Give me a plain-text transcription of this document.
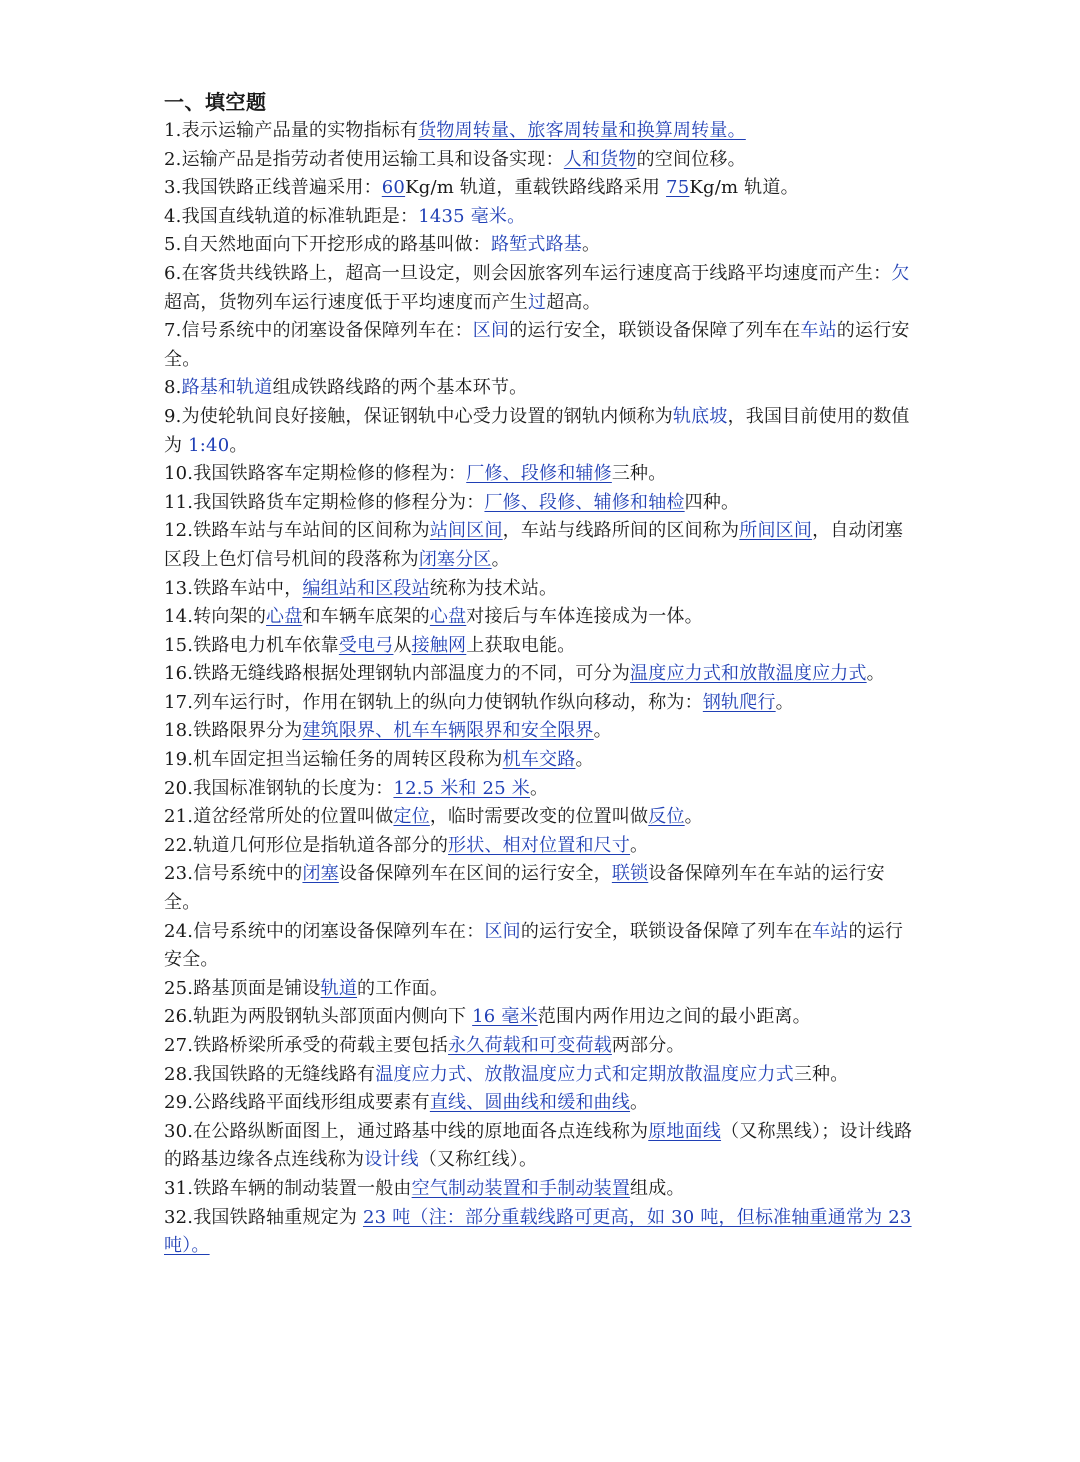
一、填空题

1.表示运输产品量的实物指标有货物周转量、旅客周转量和换算周转量。

2.运输产品是指劳动者使用运输工具和设备实现：人和货物的空间位移。

3.我国铁路正线普遍采用：60Kg/m 轨道，重载铁路线路采用 75Kg/m 轨道。

4.我国直线轨道的标准轨距是：1435 毫米。

5.自天然地面向下开挖形成的路基叫做：路堑式路基。

6.在客货共线铁路上，超高一旦设定，则会因旅客列车运行速度高于线路平均速度而产生：欠超高，货物列车运行速度低于平均速度而产生过超高。

7.信号系统中的闭塞设备保障列车在：区间的运行安全，联锁设备保障了列车在车站的运行安全。

8.路基和轨道组成铁路线路的两个基本环节。

9.为使轮轨间良好接触，保证钢轨中心受力设置的钢轨内倾称为轨底坡，我国目前使用的数值为 1:40。

10.我国铁路客车定期检修的修程为：厂修、段修和辅修三种。

11.我国铁路货车定期检修的修程分为：厂修、段修、辅修和轴检四种。

12.铁路车站与车站间的区间称为站间区间，车站与线路所间的区间称为所间区间，自动闭塞区段上色灯信号机间的段落称为闭塞分区。

13.铁路车站中，编组站和区段站统称为技术站。

14.转向架的心盘和车辆车底架的心盘对接后与车体连接成为一体。

15.铁路电力机车依靠受电弓从接触网上获取电能。

16.铁路无缝线路根据处理钢轨内部温度力的不同，可分为温度应力式和放散温度应力式。

17.列车运行时，作用在钢轨上的纵向力使钢轨作纵向移动，称为：钢轨爬行。

18.铁路限界分为建筑限界、机车车辆限界和安全限界。

19.机车固定担当运输任务的周转区段称为机车交路。

20.我国标准钢轨的长度为：12.5 米和 25 米。

21.道岔经常所处的位置叫做定位，临时需要改变的位置叫做反位。

22.轨道几何形位是指轨道各部分的形状、相对位置和尺寸。

23.信号系统中的闭塞设备保障列车在区间的运行安全，联锁设备保障列车在车站的运行安全。

24.信号系统中的闭塞设备保障列车在：区间的运行安全，联锁设备保障了列车在车站的运行安全。

25.路基顶面是铺设轨道的工作面。

26.轨距为两股钢轨头部顶面内侧向下 16 毫米范围内两作用边之间的最小距离。

27.铁路桥梁所承受的荷载主要包括永久荷载和可变荷载两部分。

28.我国铁路的无缝线路有温度应力式、放散温度应力式和定期放散温度应力式三种。

29.公路线路平面线形组成要素有直线、圆曲线和缓和曲线。

30.在公路纵断面图上，通过路基中线的原地面各点连线称为原地面线（又称黑线）；设计线路的路基边缘各点连线称为设计线（又称红线）。

31.铁路车辆的制动装置一般由空气制动装置和手制动装置组成。

32.我国铁路轴重规定为 23 吨（注：部分重载线路可更高，如 30 吨，但标准轴重通常为 23 吨）。
